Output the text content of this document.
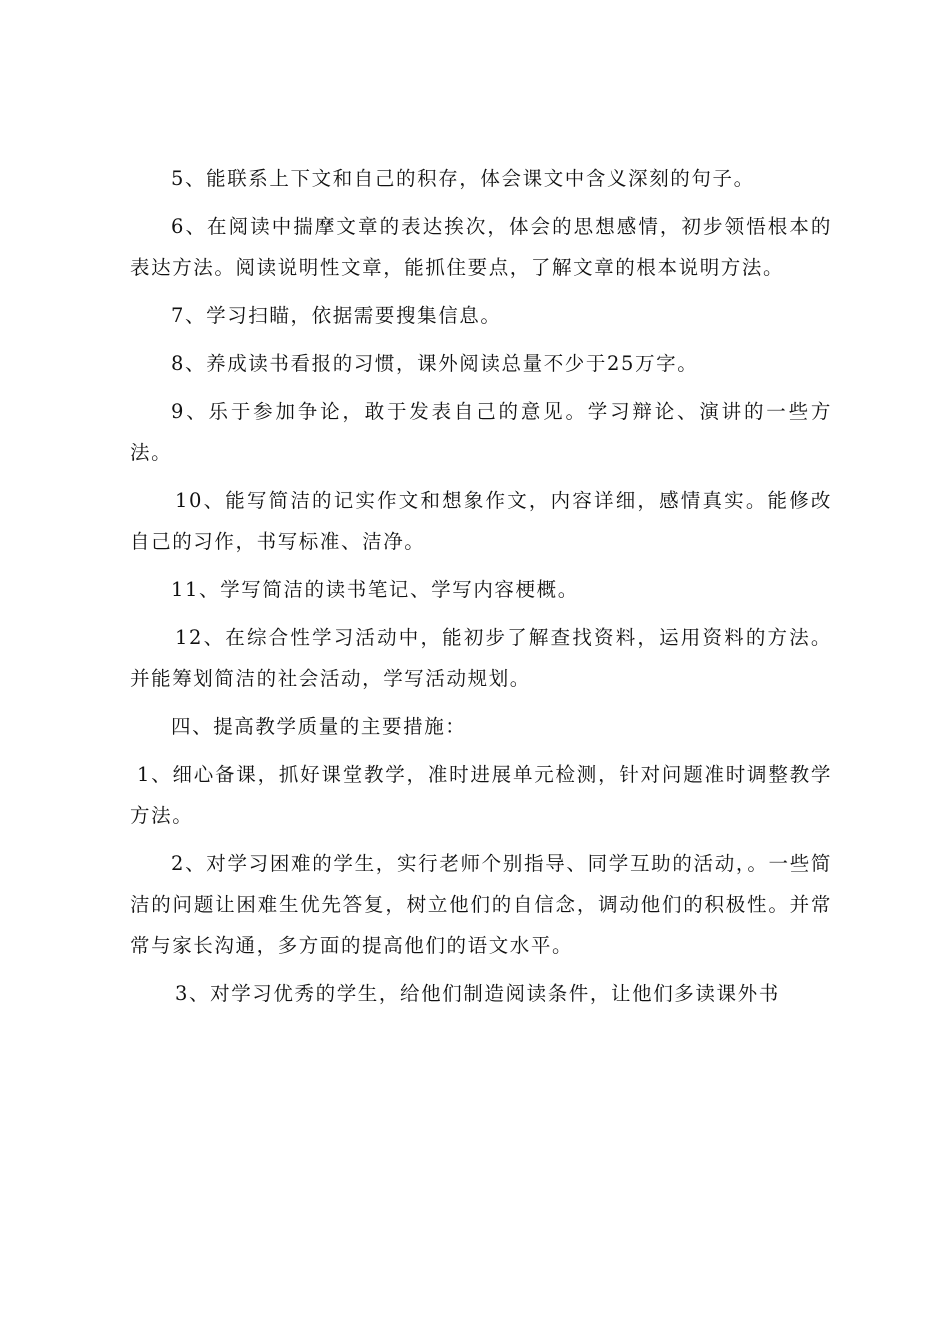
5、能联系上下文和自己的积存，体会课文中含义深刻的句子。

6、在阅读中揣摩文章的表达挨次，体会的思想感情，初步领悟根本的表达方法。阅读说明性文章，能抓住要点，了解文章的根本说明方法。

7、学习扫瞄，依据需要搜集信息。

8、养成读书看报的习惯，课外阅读总量不少于25万字。

9、乐于参加争论，敢于发表自己的意见。学习辩论、演讲的一些方法。

10、能写简洁的记实作文和想象作文，内容详细，感情真实。能修改自己的习作，书写标准、洁净。

11、学写简洁的读书笔记、学写内容梗概。

12、在综合性学习活动中，能初步了解查找资料，运用资料的方法。并能筹划简洁的社会活动，学写活动规划。

四、提高教学质量的主要措施：

1、细心备课，抓好课堂教学，准时进展单元检测，针对问题准时调整教学方法。

2、对学习困难的学生，实行老师个别指导、同学互助的活动，。一些简洁的问题让困难生优先答复，树立他们的自信念，调动他们的积极性。并常常与家长沟通，多方面的提高他们的语文水平。

3、对学习优秀的学生，给他们制造阅读条件，让他们多读课外书
